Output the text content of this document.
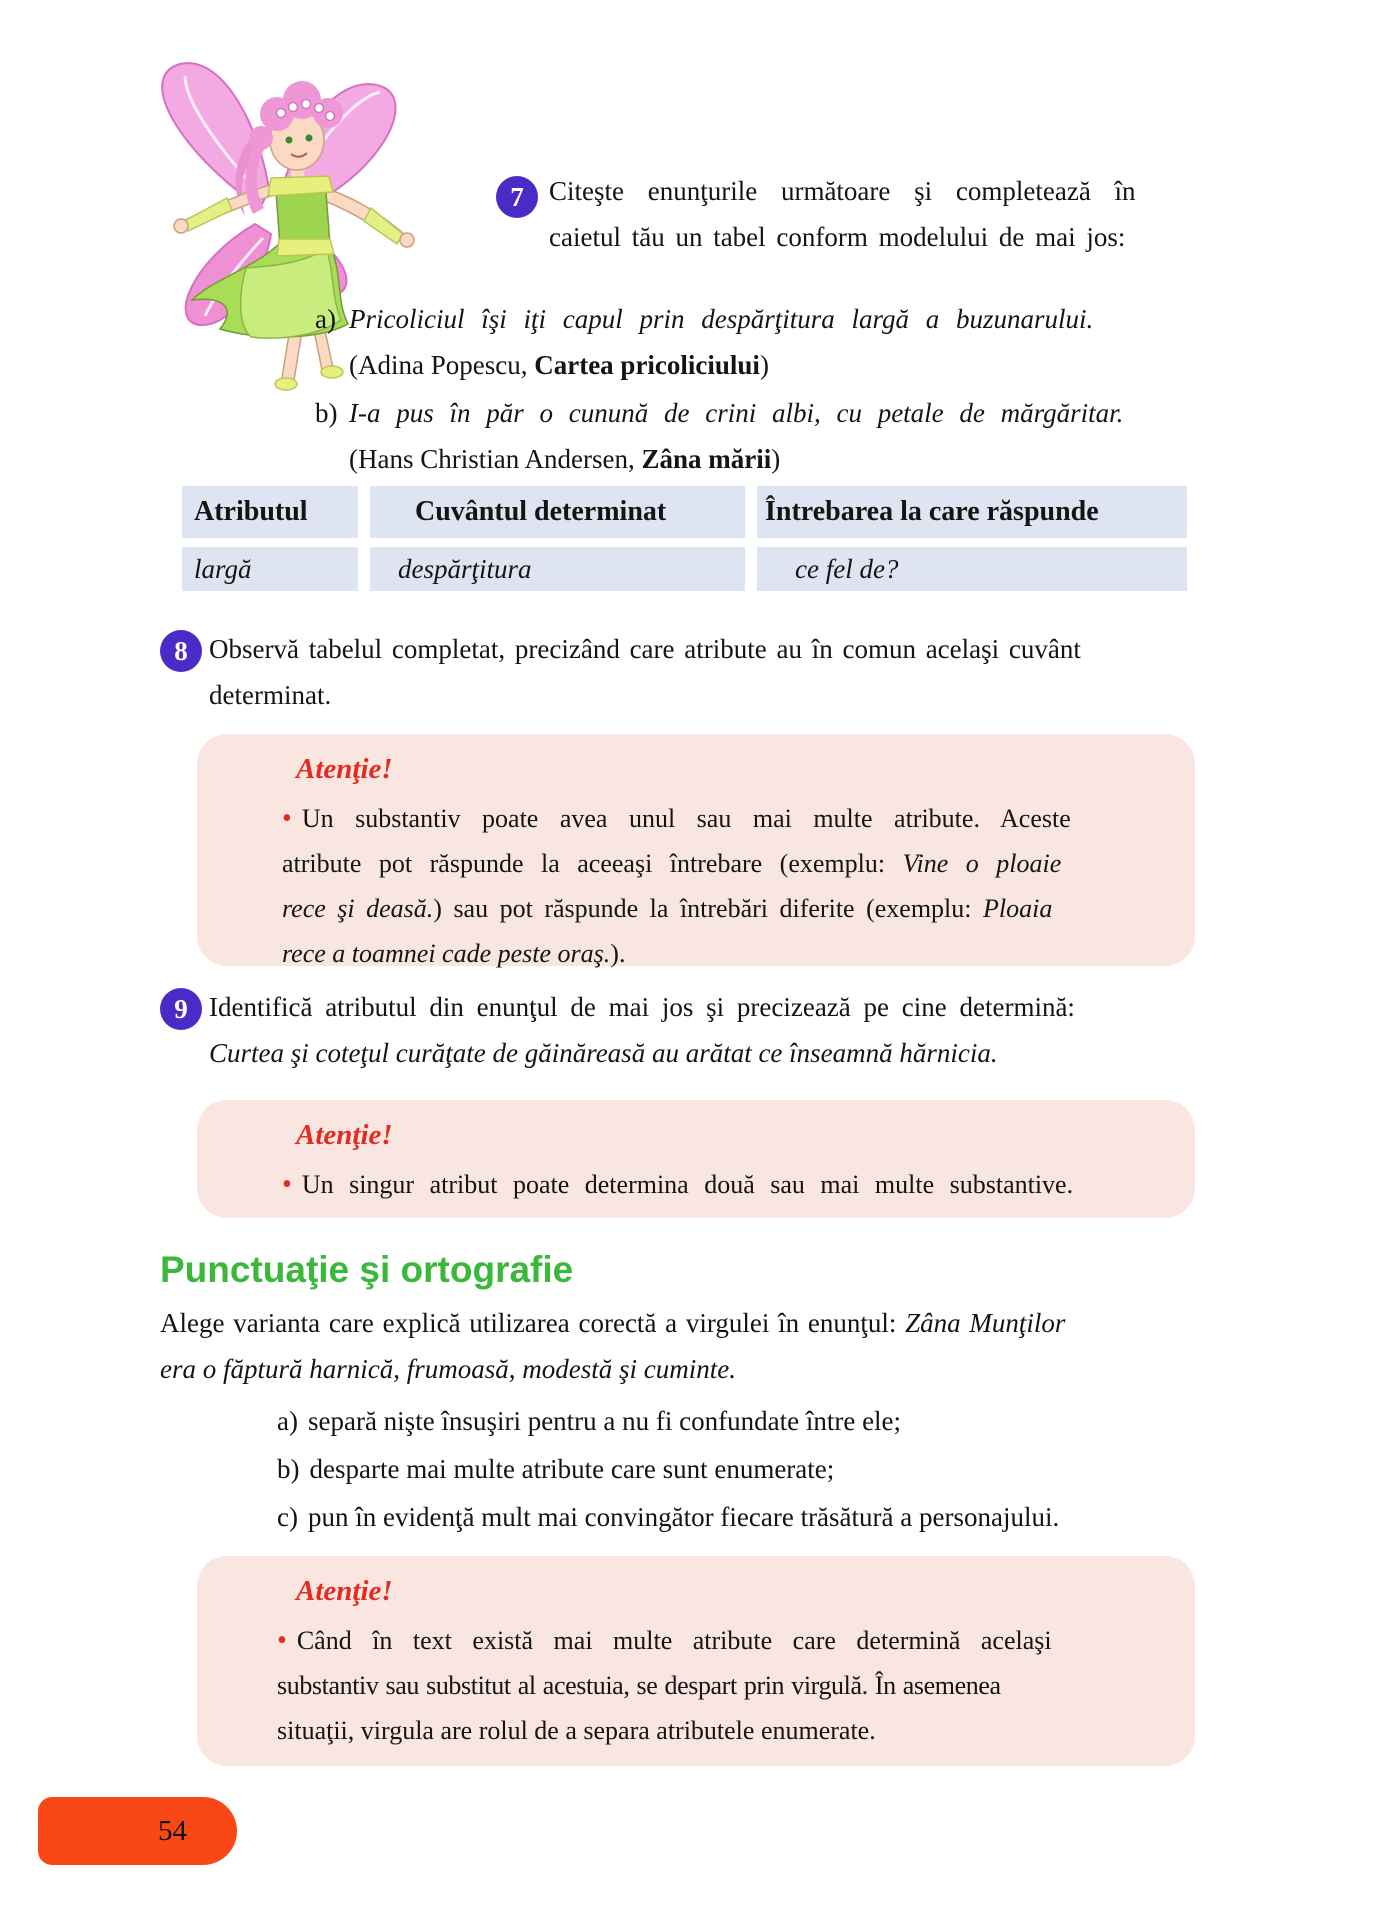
7 Citeşte enunţurile următoare şi completează în
caietul tău un tabel conform modelului de mai jos:
a) Pricoliciul îşi iţi capul prin despărţitura largă a buzunarului.
(Adina Popescu, Cartea pricoliciului)
b) I-a pus în păr o cunună de crini albi, cu petale de mărgăritar.
(Hans Christian Andersen, Zâna mării)
Atributul	Cuvântul determinat	Întrebarea la care răspunde
largă	despărţitura	ce fel de?
8 Observă tabelul completat, precizând care atribute au în comun acelaşi cuvânt
determinat.
Atenţie!
• Un substantiv poate avea unul sau mai multe atribute. Aceste
atribute pot răspunde la aceeaşi întrebare (exemplu: Vine o ploaie
rece şi deasă.) sau pot răspunde la întrebări diferite (exemplu: Ploaia
rece a toamnei cade peste oraş.).
9 Identifică atributul din enunţul de mai jos şi precizează pe cine determină:
Curtea şi coteţul curăţate de găinăreasă au arătat ce înseamnă hărnicia.
Atenţie!
• Un singur atribut poate determina două sau mai multe substantive.
Punctuaţie şi ortografie
Alege varianta care explică utilizarea corectă a virgulei în enunţul: Zâna Munţilor
era o făptură harnică, frumoasă, modestă şi cuminte.
a) separă nişte însuşiri pentru a nu fi confundate între ele;
b) desparte mai multe atribute care sunt enumerate;
c) pun în evidenţă mult mai convingător fiecare trăsătură a personajului.
Atenţie!
• Când în text există mai multe atribute care determină acelaşi
substantiv sau substitut al acestuia, se despart prin virgulă. În asemenea
situaţii, virgula are rolul de a separa atributele enumerate.
54
